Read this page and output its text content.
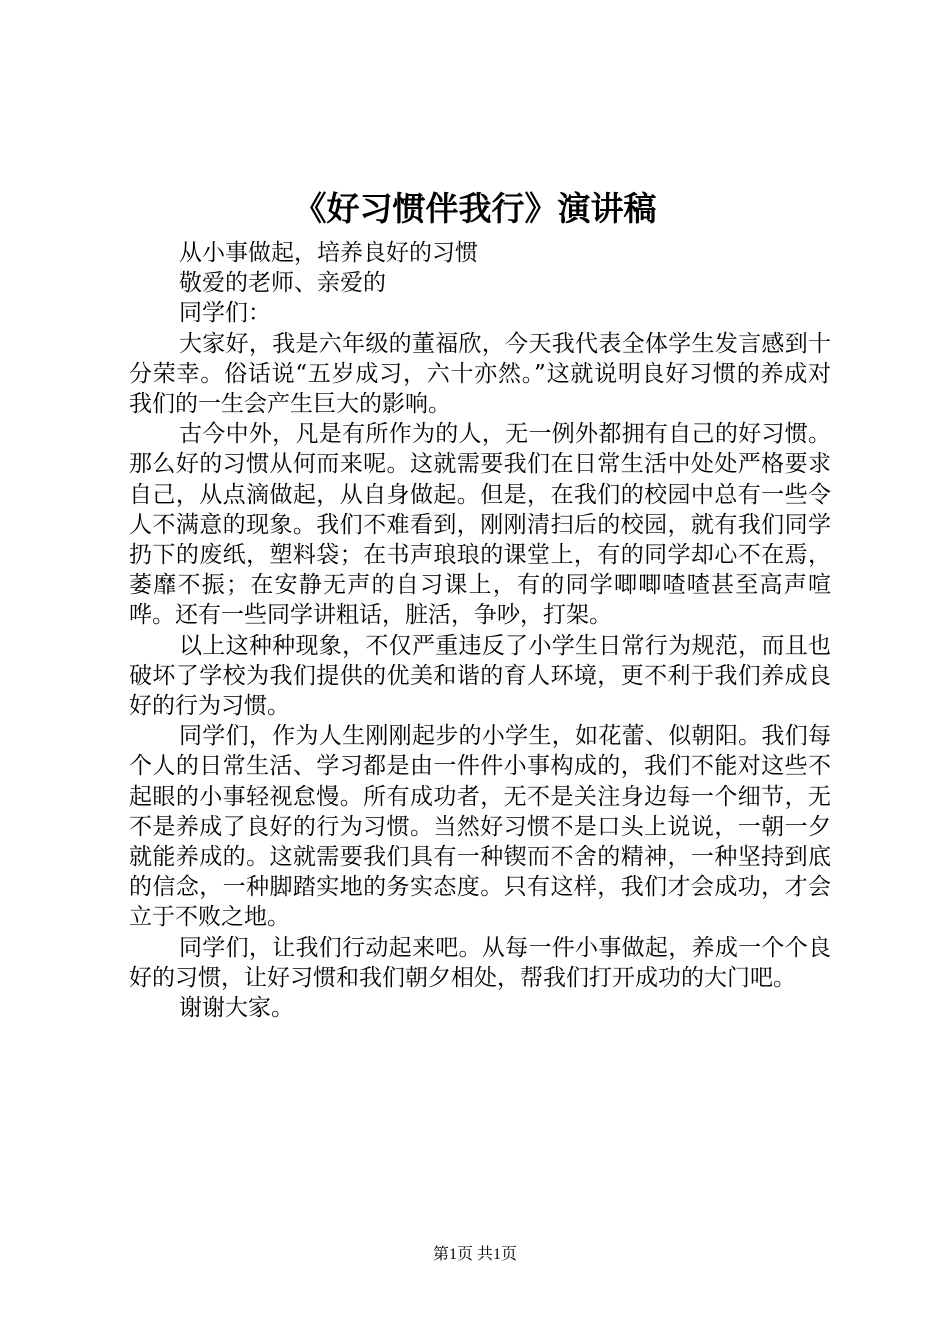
《好习惯伴我行》演讲稿

从小事做起，培养良好的习惯

敬爱的老师、亲爱的

同学们：

大家好，我是六年级的董福欣，今天我代表全体学生发言感到十分荣幸。俗话说“五岁成习，六十亦然。”这就说明良好习惯的养成对我们的一生会产生巨大的影响。

古今中外，凡是有所作为的人，无一例外都拥有自己的好习惯。那么好的习惯从何而来呢。这就需要我们在日常生活中处处严格要求自己，从点滴做起，从自身做起。但是，在我们的校园中总有一些令人不满意的现象。我们不难看到，刚刚清扫后的校园，就有我们同学扔下的废纸，塑料袋；在书声琅琅的课堂上，有的同学却心不在焉，萎靡不振；在安静无声的自习课上，有的同学唧唧喳喳甚至高声喧哗。还有一些同学讲粗话，脏活，争吵，打架。

以上这种种现象，不仅严重违反了小学生日常行为规范，而且也破坏了学校为我们提供的优美和谐的育人环境，更不利于我们养成良好的行为习惯。

同学们，作为人生刚刚起步的小学生，如花蕾、似朝阳。我们每个人的日常生活、学习都是由一件件小事构成的，我们不能对这些不起眼的小事轻视怠慢。所有成功者，无不是关注身边每一个细节，无不是养成了良好的行为习惯。当然好习惯不是口头上说说，一朝一夕就能养成的。这就需要我们具有一种锲而不舍的精神，一种坚持到底的信念，一种脚踏实地的务实态度。只有这样，我们才会成功，才会立于不败之地。

同学们，让我们行动起来吧。从每一件小事做起，养成一个个良好的习惯，让好习惯和我们朝夕相处，帮我们打开成功的大门吧。

谢谢大家。

第1页 共1页
